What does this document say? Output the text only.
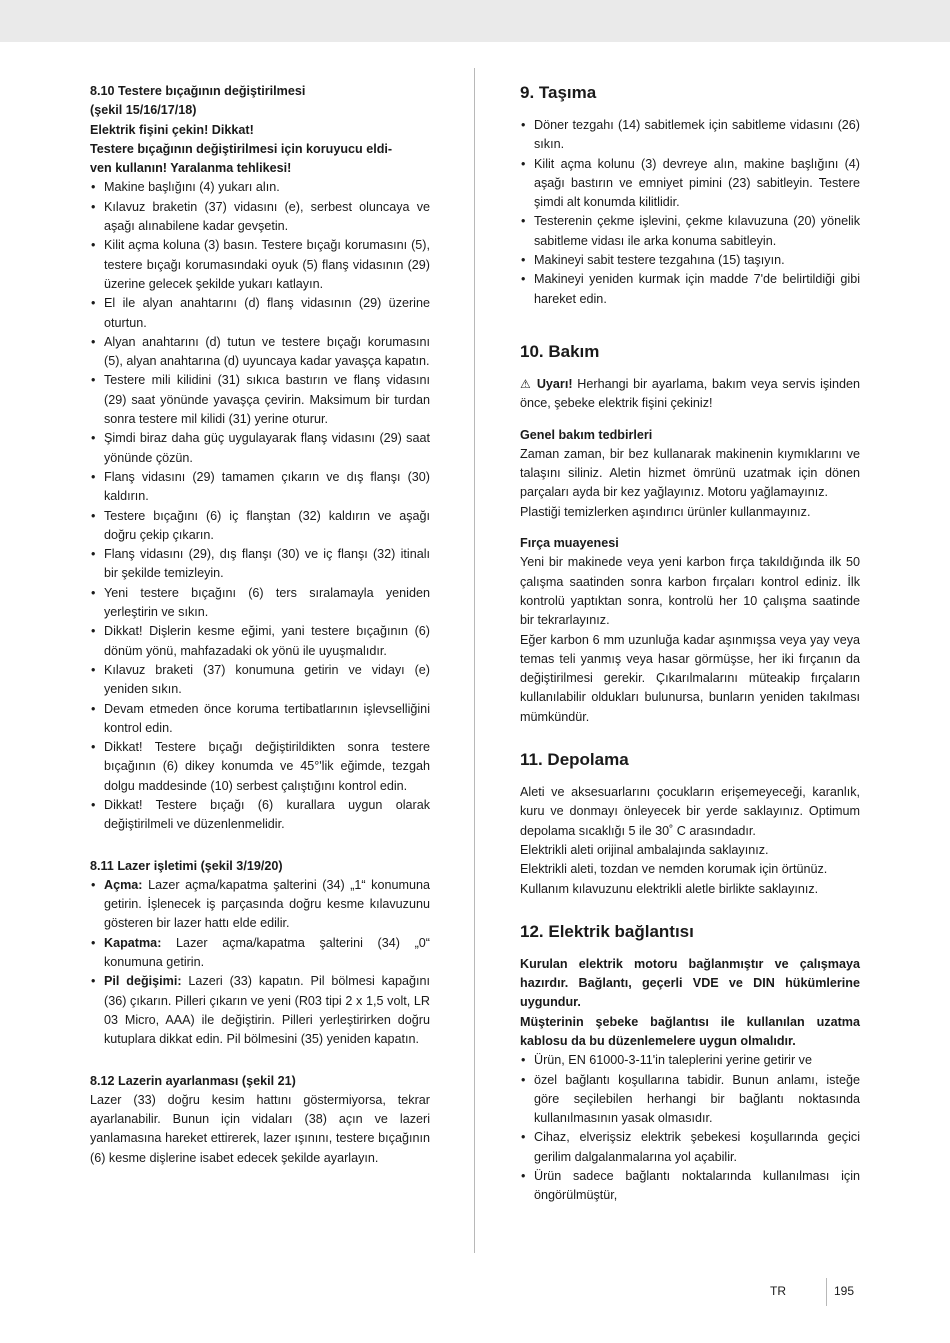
8.10 Testere bıçağının değiştirilmesi

(şekil 15/16/17/18)

Elektrik fişini çekin! Dikkat!

Testere bıçağının değiştirilmesi için koruyucu eldi-

ven kullanın! Yaralanma tehlikesi!

• Makine başlığını (4) yukarı alın.
• Kılavuz braketin (37) vidasını (e), serbest oluncaya ve aşağı alınabilene kadar gevşetin.
• Kilit açma koluna (3) basın. Testere bıçağı korumasını (5), testere bıçağı korumasındaki oyuk (5) flanş vidasının (29) üzerine gelecek şekilde yukarı katlayın.
• El ile alyan anahtarını (d) flanş vidasının (29) üzerine oturtun.
• Alyan anahtarını (d) tutun ve testere bıçağı korumasını (5), alyan anahtarına (d) uyuncaya kadar yavaşça kapatın.
• Testere mili kilidini (31) sıkıca bastırın ve flanş vidasını (29) saat yönünde yavaşça çevirin. Maksimum bir turdan sonra testere mil kilidi (31) yerine oturur.
• Şimdi biraz daha güç uygulayarak flanş vidasını (29) saat yönünde çözün.
• Flanş vidasını (29) tamamen çıkarın ve dış flanşı (30) kaldırın.
• Testere bıçağını (6) iç flanştan (32) kaldırın ve aşağı doğru çekip çıkarın.
• Flanş vidasını (29), dış flanşı (30) ve iç flanşı (32) itinalı bir şekilde temizleyin.
• Yeni testere bıçağını (6) ters sıralamayla yeniden yerleştirin ve sıkın.
• Dikkat! Dişlerin kesme eğimi, yani testere bıçağının (6) dönüm yönü, mahfazadaki ok yönü ile uyuşmalıdır.
• Kılavuz braketi (37) konumuna getirin ve vidayı (e) yeniden sıkın.
• Devam etmeden önce koruma tertibatlarının işlevselliğini kontrol edin.
• Dikkat! Testere bıçağı değiştirildikten sonra testere bıçağının (6) dikey konumda ve 45°'lik eğimde, tezgah dolgu maddesinde (10) serbest çalıştığını kontrol edin.
• Dikkat! Testere bıçağı (6) kurallara uygun olarak değiştirilmeli ve düzenlenmelidir.

8.11 Lazer işletimi (şekil 3/19/20)

• Açma: Lazer açma/kapatma şalterini (34) „1“ konumuna getirin. İşlenecek iş parçasında doğru kesme kılavuzunu gösteren bir lazer hattı elde edilir.
• Kapatma: Lazer açma/kapatma şalterini (34) „0“ konumuna getirin.
• Pil değişimi: Lazeri (33) kapatın. Pil bölmesi kapağını (36) çıkarın. Pilleri çıkarın ve yeni (R03 tipi 2 x 1,5 volt, LR 03 Micro, AAA) ile değiştirin. Pilleri yerleştirirken doğru kutuplara dikkat edin. Pil bölmesini (35) yeniden kapatın.

8.12 Lazerin ayarlanması (şekil 21)

Lazer (33) doğru kesim hattını göstermiyorsa, tekrar ayarlanabilir. Bunun için vidaları (38) açın ve lazeri yanlamasına hareket ettirerek, lazer ışınını, testere bıçağının (6) kesme dişlerine isabet edecek şekilde ayarlayın.

9. Taşıma
• Döner tezgahı (14) sabitlemek için sabitleme vidasını (26) sıkın.
• Kilit açma kolunu (3) devreye alın, makine başlığını (4) aşağı bastırın ve emniyet pimini (23) sabitleyin. Testere şimdi alt konumda kilitlidir.
• Testerenin çekme işlevini, çekme kılavuzuna (20) yönelik sabitleme vidası ile arka konuma sabitleyin.
• Makineyi sabit testere tezgahına (15) taşıyın.
• Makineyi yeniden kurmak için madde 7'de belirtildiği gibi hareket edin.
10. Bakım

⚠ Uyarı! Herhangi bir ayarlama, bakım veya servis işinden önce, şebeke elektrik fişini çekiniz!

Genel bakım tedbirleri

Zaman zaman, bir bez kullanarak makinenin kıymıklarını ve talaşını siliniz. Aletin hizmet ömrünü uzatmak için dönen parçaları ayda bir kez yağlayınız. Motoru yağlamayınız.

Plastiği temizlerken aşındırıcı ürünler kullanmayınız.

Fırça muayenesi

Yeni bir makinede veya yeni karbon fırça takıldığında ilk 50 çalışma saatinden sonra karbon fırçaları kontrol ediniz. İlk kontrolü yaptıktan sonra, kontrolü her 10 çalışma saatinde bir tekrarlayınız.

Eğer karbon 6 mm uzunluğa kadar aşınmışsa veya yay veya temas teli yanmış veya hasar görmüşse, her iki fırçanın da değiştirilmesi gerekir. Çıkarılmalarını müteakip fırçaların kullanılabilir oldukları bulunursa, bunların yeniden takılması mümkündür.

11. Depolama

Aleti ve aksesuarlarını çocukların erişemeyeceği, karanlık, kuru ve donmayı önleyecek bir yerde saklayınız. Optimum depolama sıcaklığı 5 ile 30˚ C arasındadır.

Elektrikli aleti orijinal ambalajında saklayınız.

Elektrikli aleti, tozdan ve nemden korumak için örtünüz.

Kullanım kılavuzunu elektrikli aletle birlikte saklayınız.

12. Elektrik bağlantısı

Kurulan elektrik motoru bağlanmıştır ve çalışmaya hazırdır. Bağlantı, geçerli VDE ve DIN hükümlerine uygundur.

Müşterinin şebeke bağlantısı ile kullanılan uzatma kablosu da bu düzenlemelere uygun olmalıdır.

• Ürün, EN 61000-3-11'in taleplerini yerine getirir ve
• özel bağlantı koşullarına tabidir. Bunun anlamı, isteğe göre seçilebilen herhangi bir bağlantı noktasında kullanılmasının yasak olmasıdır.
• Cihaz, elverişsiz elektrik şebekesi koşullarında geçici gerilim dalgalanmalarına yol açabilir.
• Ürün sadece bağlantı noktalarında kullanılması için öngörülmüştür,
TR	195
